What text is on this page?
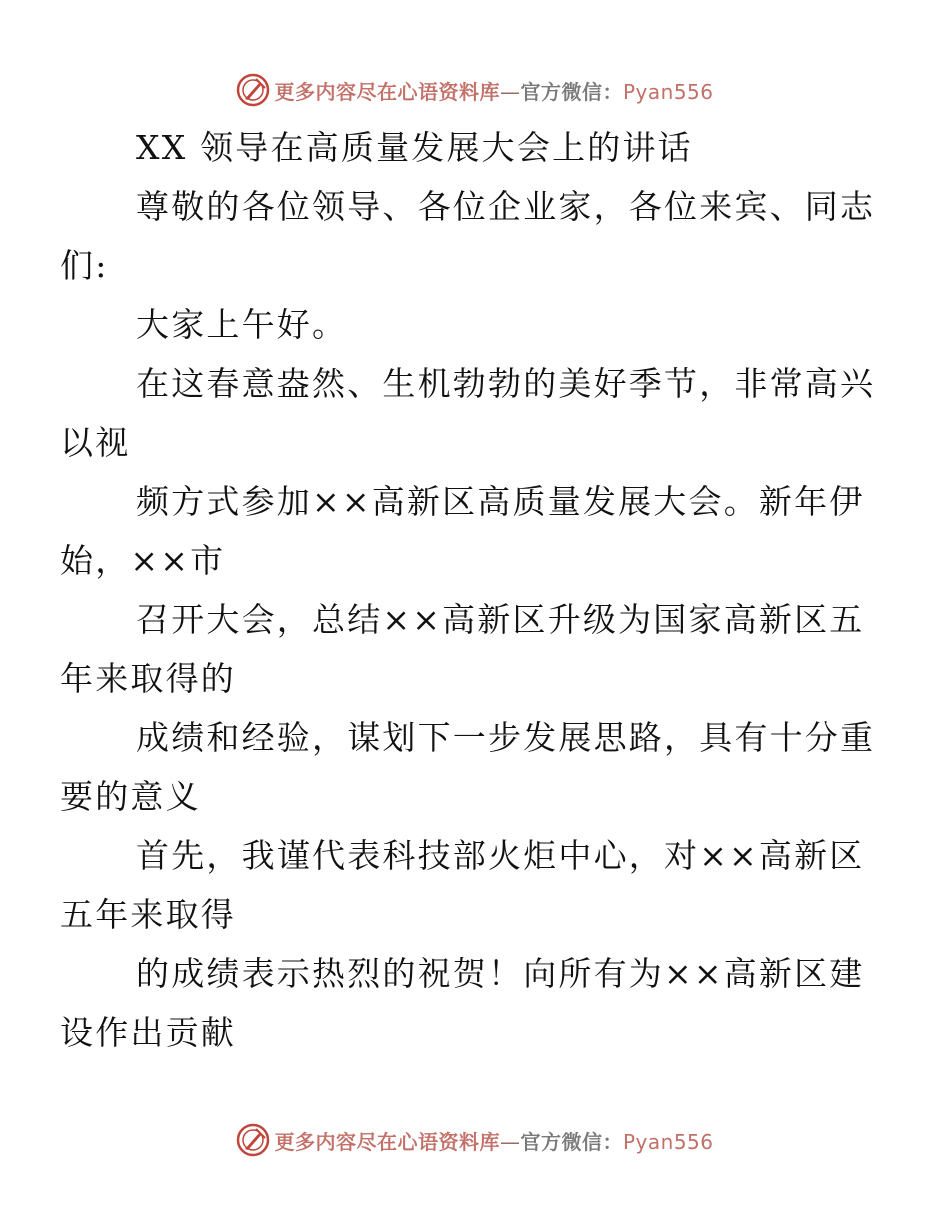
更多内容尽在心语资料库—官方微信：Pyan556

XX 领导在高质量发展大会上的讲话

尊敬的各位领导、各位企业家，各位来宾、同志
们:

大家上午好。

在这春意盎然、生机勃勃的美好季节，非常高兴
以视

频方式参加××高新区高质量发展大会。新年伊
始，××市

召开大会，总结××高新区升级为国家高新区五
年来取得的

成绩和经验，谋划下一步发展思路，具有十分重
要的意义

首先，我谨代表科技部火炬中心，对××高新区
五年来取得

的成绩表示热烈的祝贺！向所有为××高新区建
设作出贡献

更多内容尽在心语资料库—官方微信：Pyan556
